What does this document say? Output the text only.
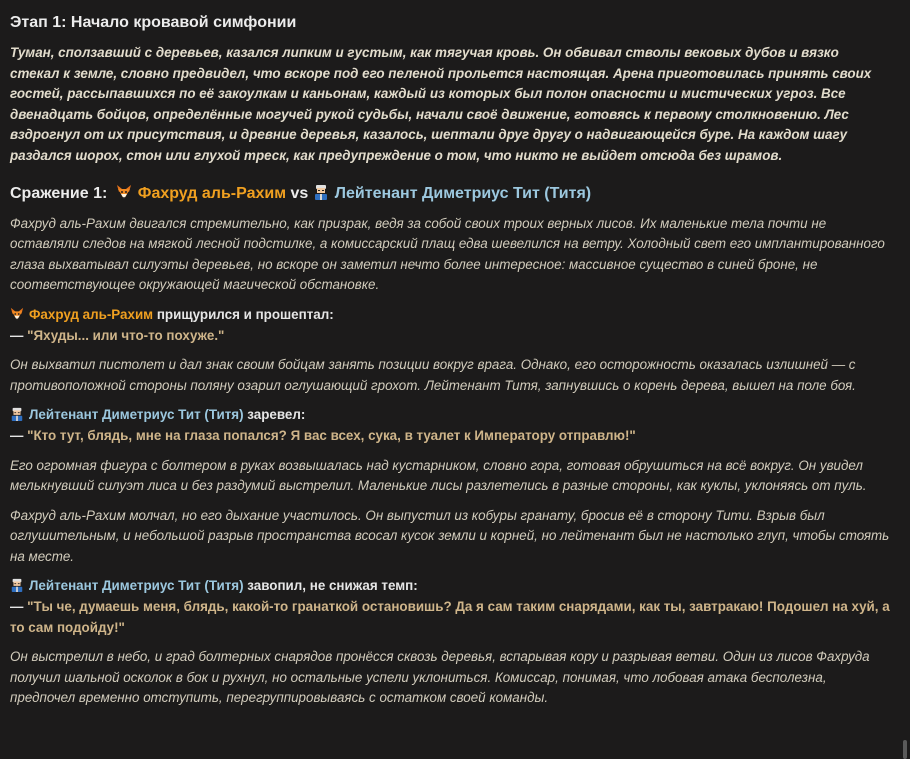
Этап 1: Начало кровавой симфонии

Туман, сползавший с деревьев, казался липким и густым, как тягучая кровь. Он обвивал стволы вековых дубов и вязко стекал к земле, словно предвидел, что вскоре под его пеленой прольется настоящая. Арена приготовилась принять своих гостей, рассыпавшихся по её закоулкам и каньонам, каждый из которых был полон опасности и мистических угроз. Все двенадцать бойцов, определённые могучей рукой судьбы, начали своё движение, готовясь к первому столкновению. Лес вздрогнул от их присутствия, и древние деревья, казалось, шептали друг другу о надвигающейся буре. На каждом шагу раздался шорох, стон или глухой треск, как предупреждение о том, что никто не выйдет отсюда без шрамов.

Сражение 1: Фахруд аль-Рахим vs Лейтенант Диметриус Тит (Титя)

Фахруд аль-Рахим двигался стремительно, как призрак, ведя за собой своих троих верных лисов. Их маленькие тела почти не оставляли следов на мягкой лесной подстилке, а комиссарский плащ едва шевелился на ветру. Холодный свет его имплантированного глаза выхватывал силуэты деревьев, но вскоре он заметил нечто более интересное: массивное существо в синей броне, не соответствующее окружающей магической обстановке.

Фахруд аль-Рахим прищурился и прошептал:

— "Яхуды... или что-то похуже."

Он выхватил пистолет и дал знак своим бойцам занять позиции вокруг врага. Однако, его осторожность оказалась излишней — с противоположной стороны поляну озарил оглушающий грохот. Лейтенант Титя, запнувшись о корень дерева, вышел на поле боя.

Лейтенант Диметриус Тит (Титя) заревел:

— "Кто тут, блядь, мне на глаза попался? Я вас всех, сука, в туалет к Императору отправлю!"

Его огромная фигура с болтером в руках возвышалась над кустарником, словно гора, готовая обрушиться на всё вокруг. Он увидел мелькнувший силуэт лиса и без раздумий выстрелил. Маленькие лисы разлетелись в разные стороны, как куклы, уклоняясь от пуль.

Фахруд аль-Рахим молчал, но его дыхание участилось. Он выпустил из кобуры гранату, бросив её в сторону Тити. Взрыв был оглушительным, и небольшой разрыв пространства всосал кусок земли и корней, но лейтенант был не настолько глуп, чтобы стоять на месте.

Лейтенант Диметриус Тит (Титя) завопил, не снижая темп:

— "Ты че, думаешь меня, блядь, какой-то гранаткой остановишь? Да я сам таким снарядами, как ты, завтракаю! Подошел на хуй, а то сам подойду!"

Он выстрелил в небо, и град болтерных снарядов пронёсся сквозь деревья, вспарывая кору и разрывая ветви. Один из лисов Фахруда получил шальной осколок в бок и рухнул, но остальные успели уклониться. Комиссар, понимая, что лобовая атака бесполезна, предпочел временно отступить, перегруппировываясь с остатком своей команды.
